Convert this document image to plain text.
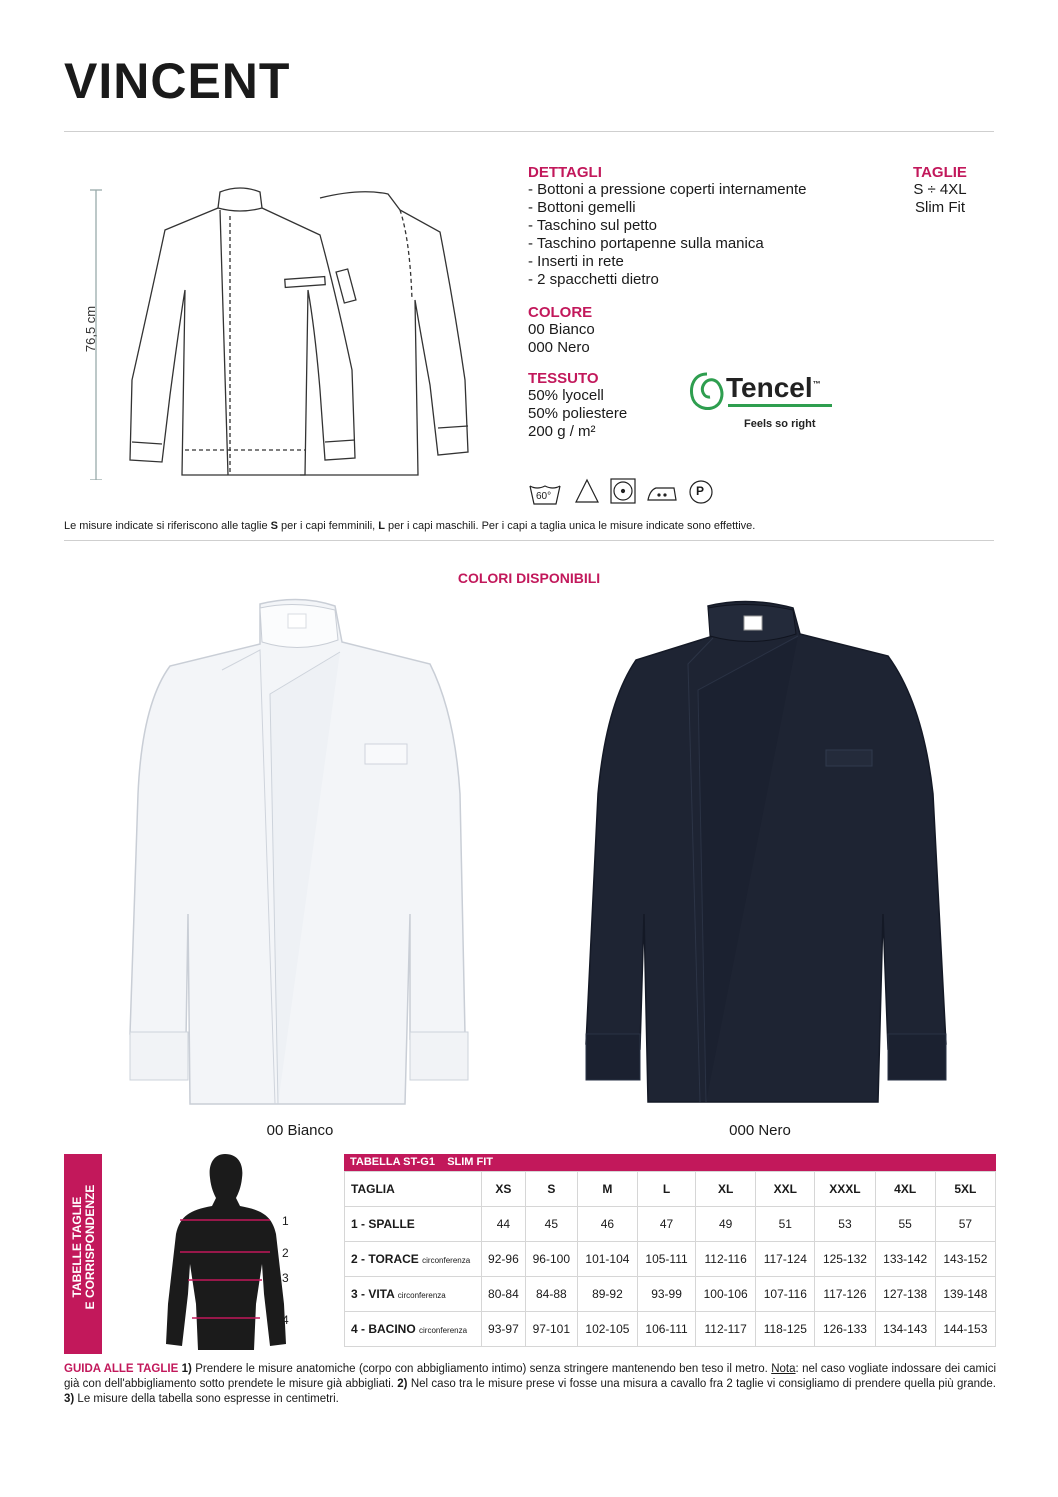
VINCENT
76,5 cm
DETTAGLI
- Bottoni a pressione coperti internamente
- Bottoni gemelli
- Taschino sul petto
- Taschino portapenne sulla manica
- Inserti in rete
- 2 spacchetti dietro
TAGLIE
S ÷ 4XL
Slim Fit
COLORE
00 Bianco
000 Nero
TESSUTO
50% lyocell
50% poliestere
200 g / m²
Tencel™
Feels so right
60°	P
Le misure indicate si riferiscono alle taglie S per i capi femminili, L per i capi maschili. Per i capi a taglia unica le misure indicate sono effettive.
COLORI DISPONIBILI
00 Bianco	000 Nero
TABELLE TAGLIE
E CORRISPONDENZE	1
2
3
4
TABELLA ST-G1 SLIM FIT
TAGLIA	XS	S	M	L	XL	XXL	XXXL	4XL	5XL
1 - SPALLE	44	45	46	47	49	51	53	55	57
2 - TORACE circonferenza	92-96	96-100	101-104	105-111	112-116	117-124	125-132	133-142	143-152
3 - VITA circonferenza	80-84	84-88	89-92	93-99	100-106	107-116	117-126	127-138	139-148
4 - BACINO circonferenza	93-97	97-101	102-105	106-111	112-117	118-125	126-133	134-143	144-153
GUIDA ALLE TAGLIE 1) Prendere le misure anatomiche (corpo con abbigliamento intimo) senza stringere mantenendo ben teso il metro. Nota: nel caso vogliate indossare dei camici già con dell'abbigliamento sotto prendete le misure già abbigliati. 2) Nel caso tra le misure prese vi fosse una misura a cavallo fra 2 taglie vi consigliamo di prendere quella più grande. 3) Le misure della tabella sono espresse in centimetri.
